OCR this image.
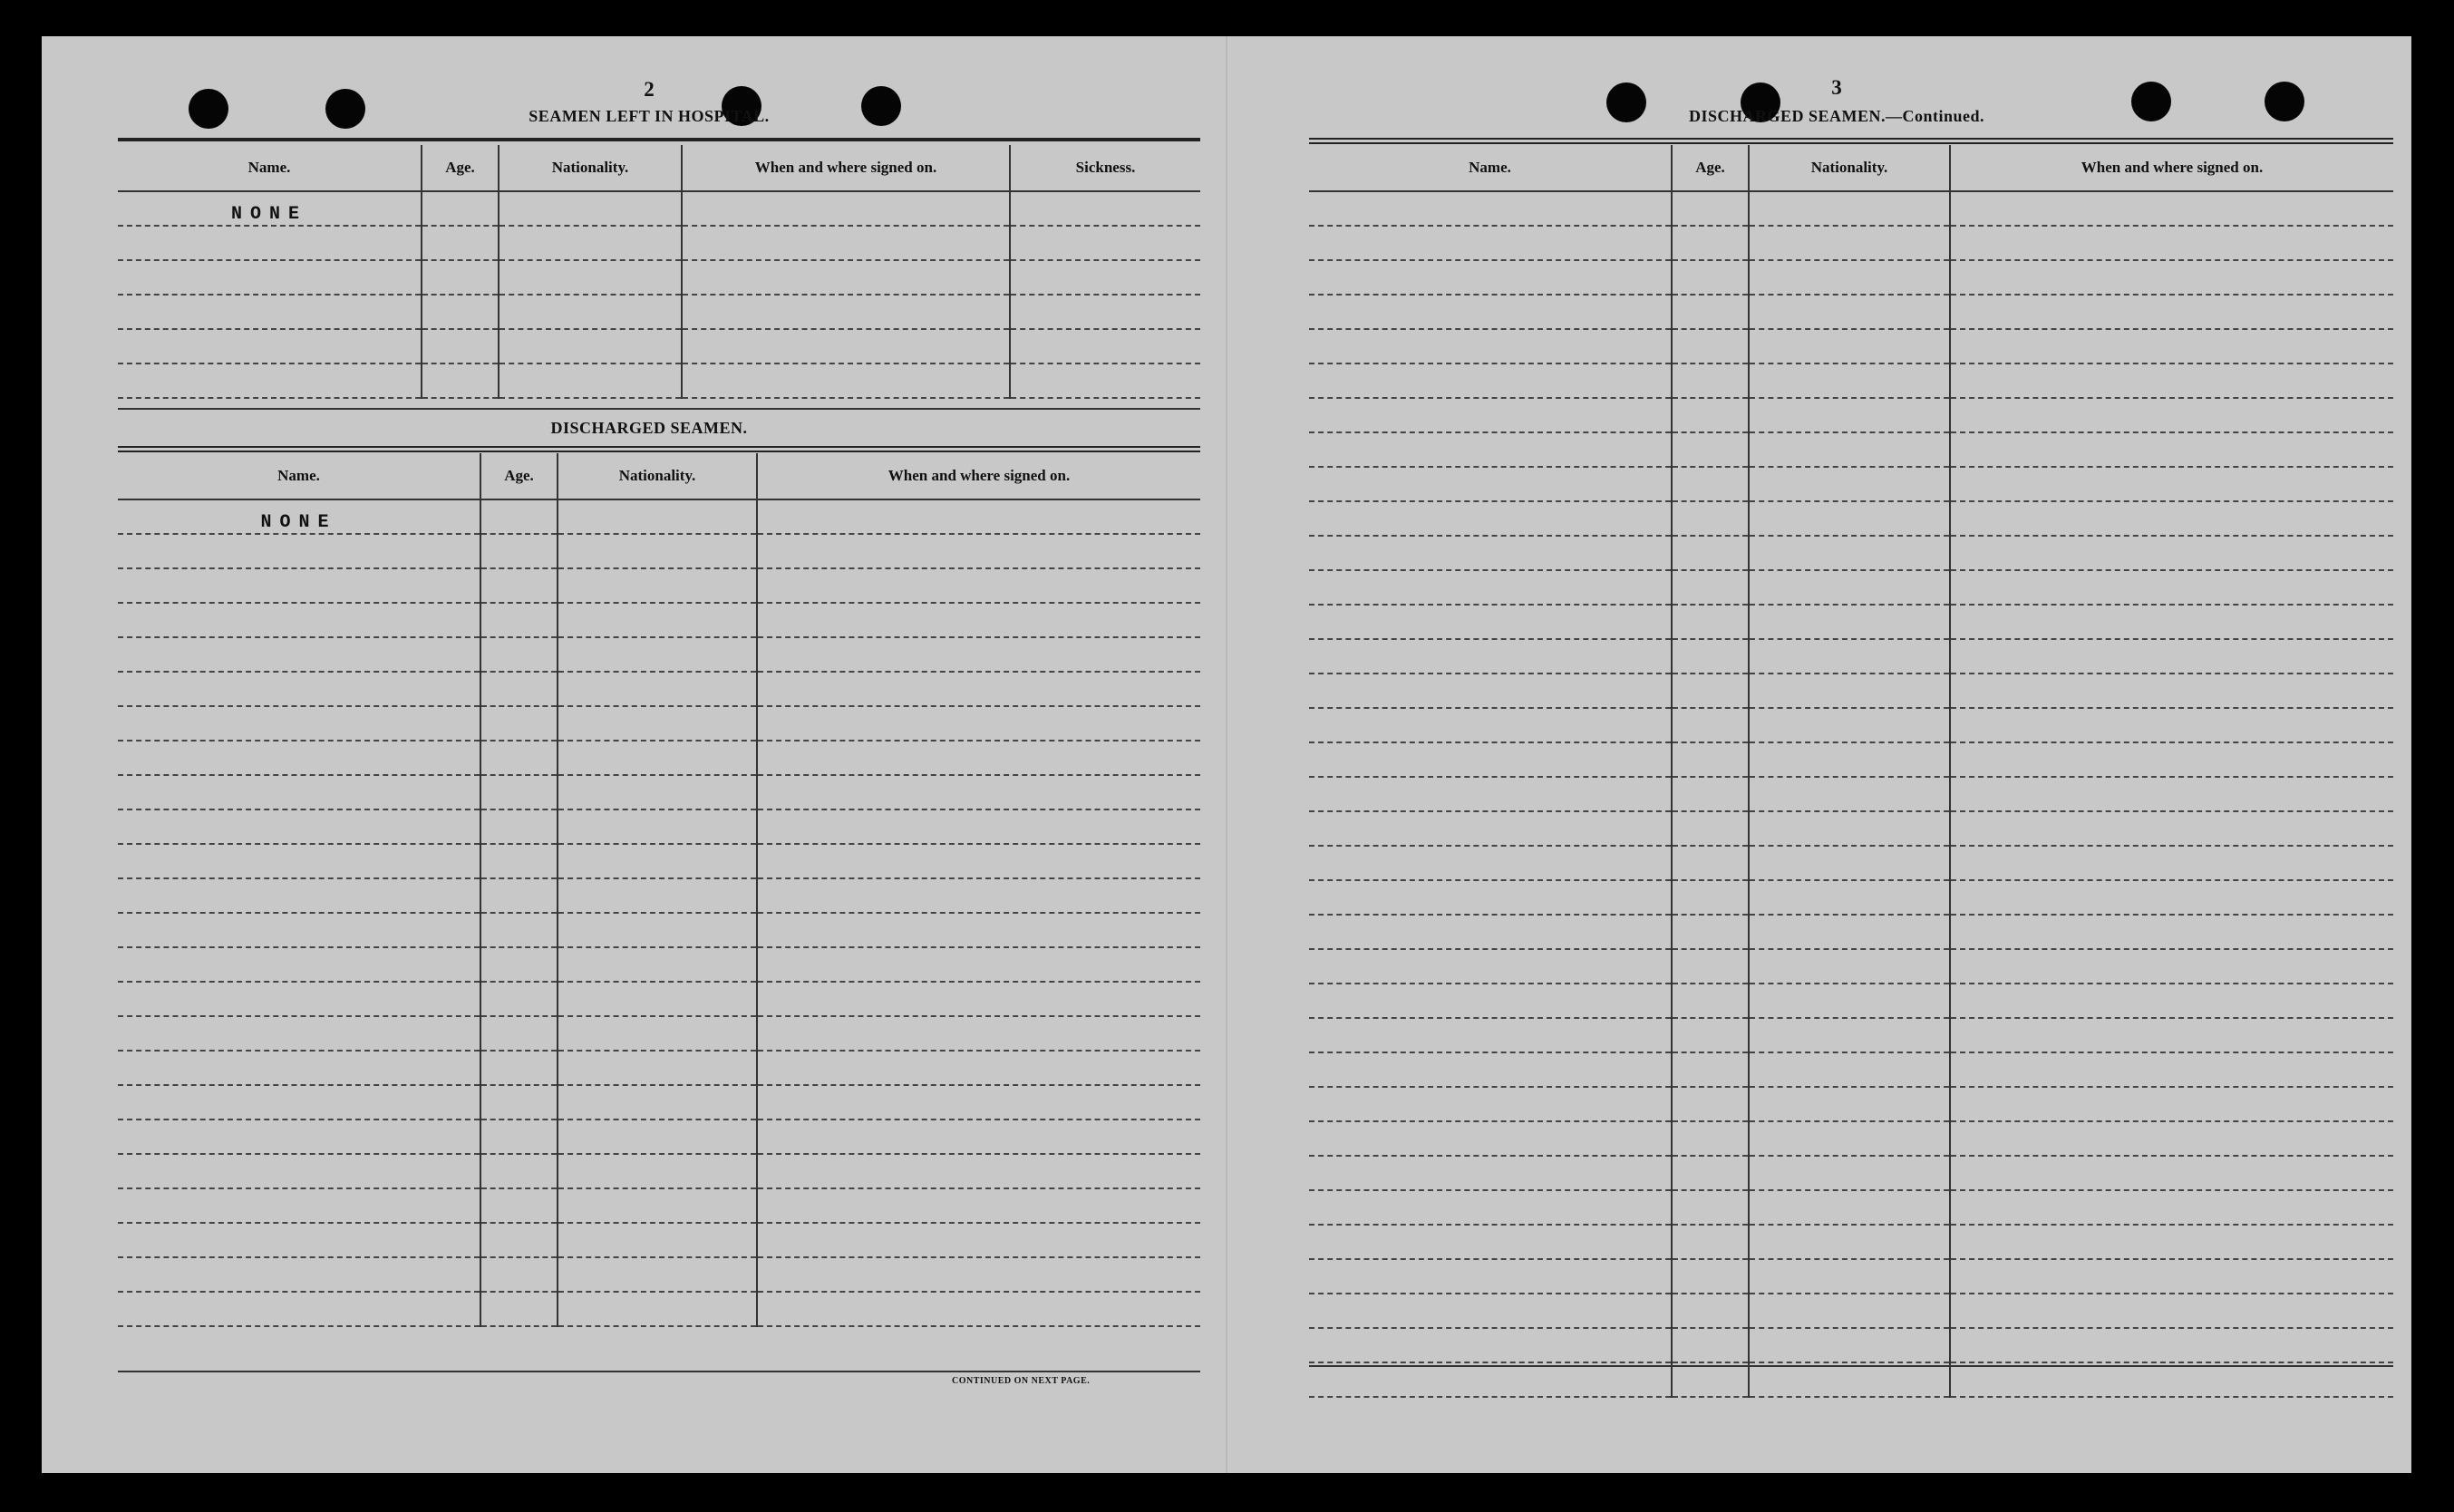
2
SEAMEN LEFT IN HOSPITAL.
Name.	Age.	Nationality.	When and where signed on.	Sickness.
NONE				

DISCHARGED SEAMEN.
Name.	Age.	Nationality.	When and where signed on.
NONE			

CONTINUED ON NEXT PAGE.
3
DISCHARGED SEAMEN.—Continued.
Name.	Age.	Nationality.	When and where signed on.
